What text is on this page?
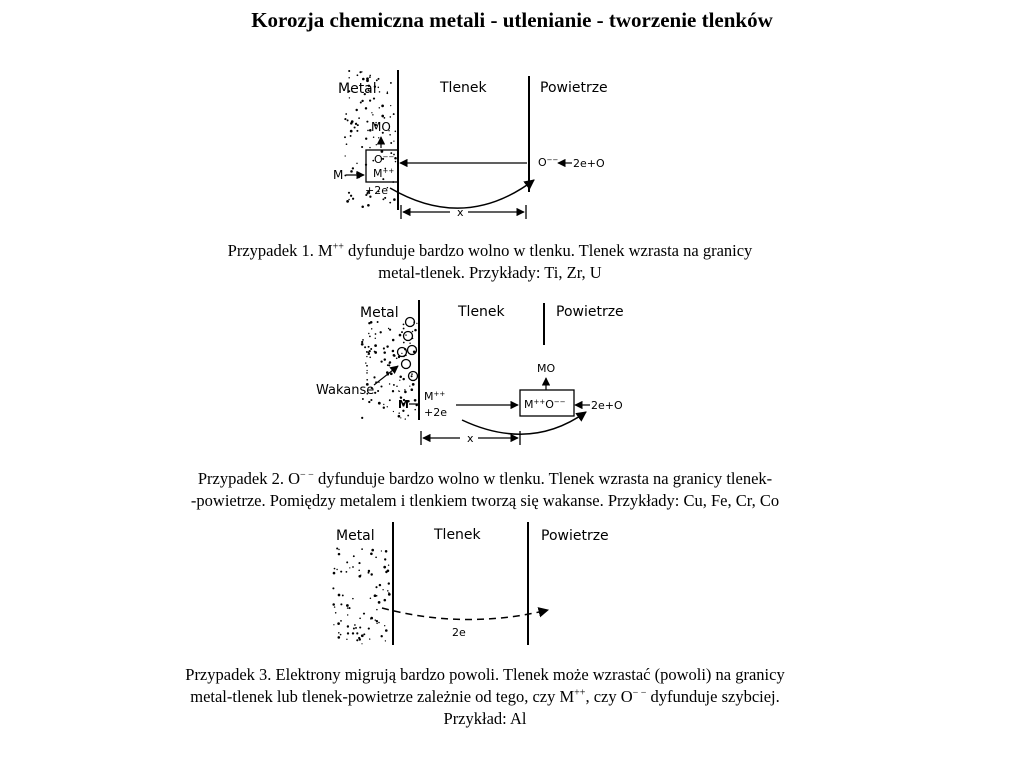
Korozja chemiczna metali - utlenianie - tworzenie tlenków
Metal	Tlenek	Powietrze
MO
O−−
M++
M
+2e
O−− 2e+O
x
Metal	Tlenek	Powietrze
Wakanse
M
M++
+2e
MO
M++O−− 2e+O
x
Metal	Tlenek	Powietrze
2e
Przypadek 1. M++ dyfunduje bardzo wolno w tlenku. Tlenek wzrasta na granicy
metal-tlenek. Przykłady: Ti, Zr, U
Przypadek 2. O− − dyfunduje bardzo wolno w tlenku. Tlenek wzrasta na granicy tlenek-
-powietrze. Pomiędzy metalem i tlenkiem tworzą się wakanse. Przykłady: Cu, Fe, Cr, Co
Przypadek 3. Elektrony migrują bardzo powoli. Tlenek może wzrastać (powoli) na granicy
metal-tlenek lub tlenek-powietrze zależnie od tego, czy M++, czy O− − dyfunduje szybciej.
Przykład: Al
